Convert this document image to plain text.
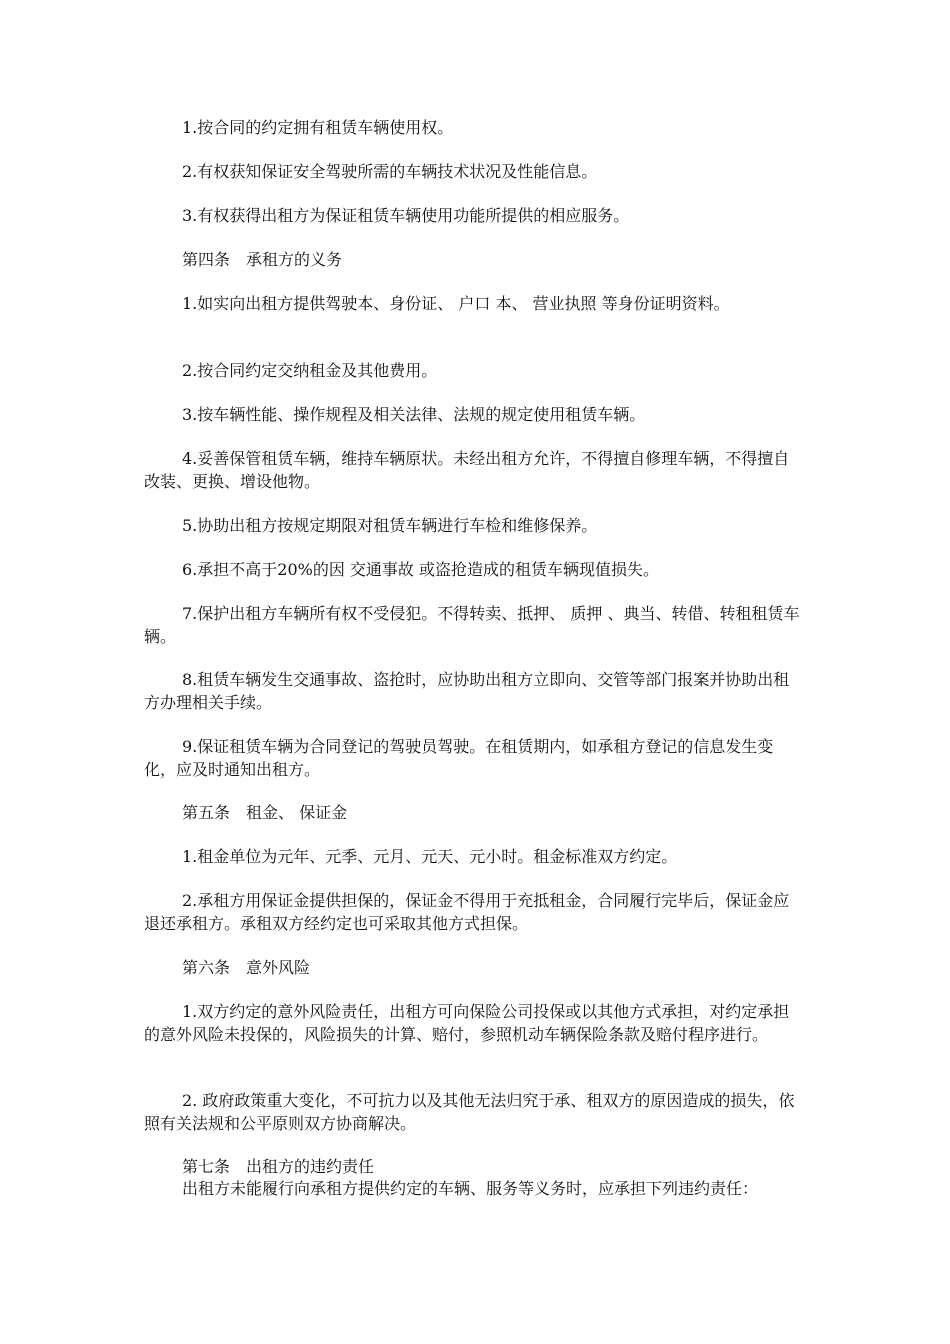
1.按合同的约定拥有租赁车辆使用权。

2.有权获知保证安全驾驶所需的车辆技术状况及性能信息。

3.有权获得出租方为保证租赁车辆使用功能所提供的相应服务。

第四条　承租方的义务

1.如实向出租方提供驾驶本、身份证、 户口 本、 营业执照 等身份证明资料。

2.按合同约定交纳租金及其他费用。

3.按车辆性能、操作规程及相关法律、法规的规定使用租赁车辆。

4.妥善保管租赁车辆，维持车辆原状。未经出租方允许，不得擅自修理车辆，不得擅自改装、更换、增设他物。

5.协助出租方按规定期限对租赁车辆进行车检和维修保养。

6.承担不高于20%的因 交通事故 或盗抢造成的租赁车辆现值损失。

7.保护出租方车辆所有权不受侵犯。不得转卖、抵押、 质押 、典当、转借、转租租赁车辆。

8.租赁车辆发生交通事故、盗抢时，应协助出租方立即向、交管等部门报案并协助出租方办理相关手续。

9.保证租赁车辆为合同登记的驾驶员驾驶。在租赁期内，如承租方登记的信息发生变化，应及时通知出租方。

第五条　租金、 保证金

1.租金单位为元年、元季、元月、元天、元小时。租金标准双方约定。

2.承租方用保证金提供担保的，保证金不得用于充抵租金，合同履行完毕后，保证金应退还承租方。承租双方经约定也可采取其他方式担保。

第六条　意外风险

1.双方约定的意外风险责任，出租方可向保险公司投保或以其他方式承担，对约定承担的意外风险未投保的，风险损失的计算、赔付，参照机动车辆保险条款及赔付程序进行。

2. 政府政策重大变化，不可抗力以及其他无法归究于承、租双方的原因造成的损失，依照有关法规和公平原则双方协商解决。

第七条　出租方的违约责任

出租方未能履行向承租方提供约定的车辆、服务等义务时，应承担下列违约责任：
